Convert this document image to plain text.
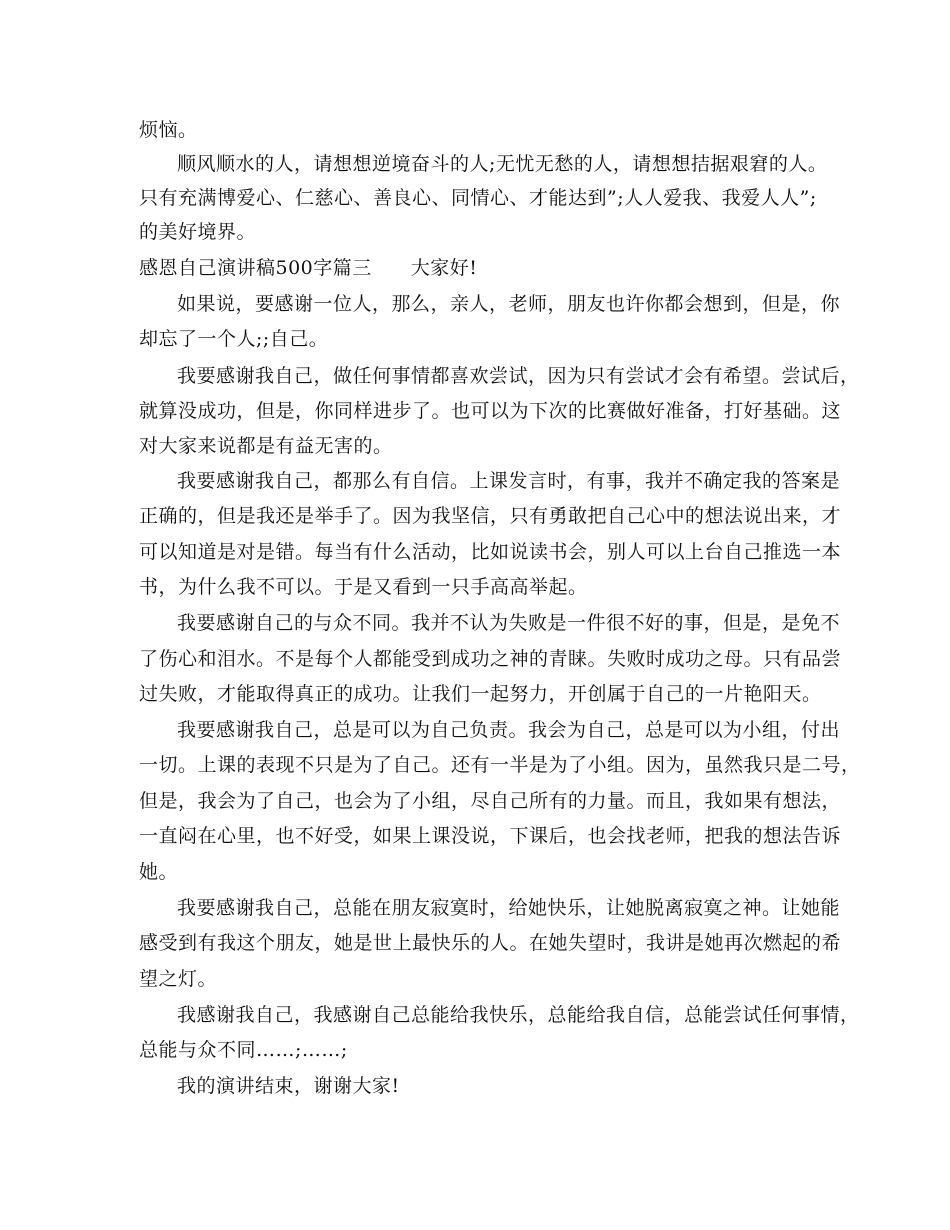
烦恼。
顺风顺水的人，请想想逆境奋斗的人;无忧无愁的人，请想想拮据艰窘的人。
只有充满博爱心、仁慈心、善良心、同情心、才能达到”;人人爱我、我爱人人”;
的美好境界。
感恩自己演讲稿500字篇三　　大家好!
如果说，要感谢一位人，那么，亲人，老师，朋友也许你都会想到，但是，你
却忘了一个人;;自己。
我要感谢我自己，做任何事情都喜欢尝试，因为只有尝试才会有希望。尝试后，
就算没成功，但是，你同样进步了。也可以为下次的比赛做好准备，打好基础。这
对大家来说都是有益无害的。
我要感谢我自己，都那么有自信。上课发言时，有事，我并不确定我的答案是
正确的，但是我还是举手了。因为我坚信，只有勇敢把自己心中的想法说出来，才
可以知道是对是错。每当有什么活动，比如说读书会，别人可以上台自己推选一本
书，为什么我不可以。于是又看到一只手高高举起。
我要感谢自己的与众不同。我并不认为失败是一件很不好的事，但是，是免不
了伤心和泪水。不是每个人都能受到成功之神的青睐。失败时成功之母。只有品尝
过失败，才能取得真正的成功。让我们一起努力，开创属于自己的一片艳阳天。
我要感谢我自己，总是可以为自己负责。我会为自己，总是可以为小组，付出
一切。上课的表现不只是为了自己。还有一半是为了小组。因为，虽然我只是二号，
但是，我会为了自己，也会为了小组，尽自己所有的力量。而且，我如果有想法，
一直闷在心里，也不好受，如果上课没说，下课后，也会找老师，把我的想法告诉
她。
我要感谢我自己，总能在朋友寂寞时，给她快乐，让她脱离寂寞之神。让她能
感受到有我这个朋友，她是世上最快乐的人。在她失望时，我讲是她再次燃起的希
望之灯。
我感谢我自己，我感谢自己总能给我快乐，总能给我自信，总能尝试任何事情，
总能与众不同……;……;
我的演讲结束，谢谢大家!
